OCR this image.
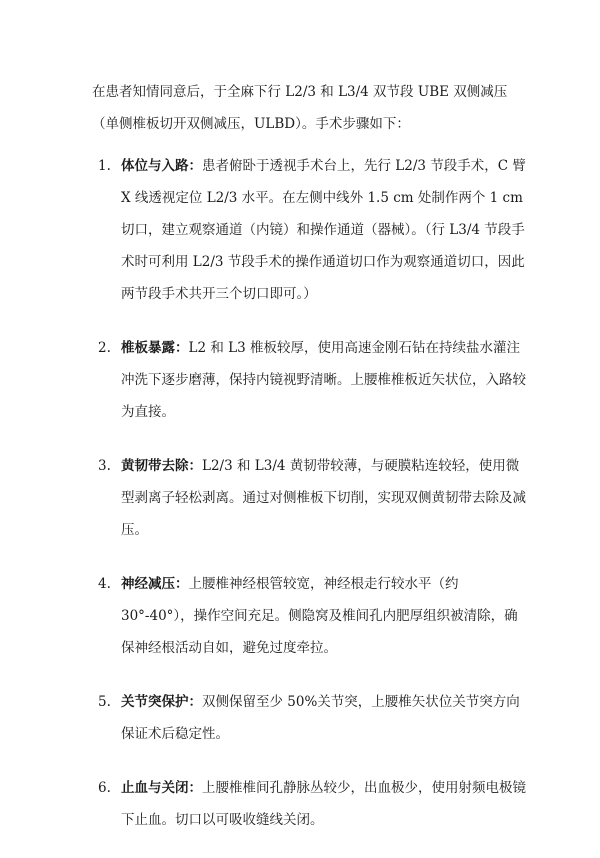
在患者知情同意后，于全麻下行 L2/3 和 L3/4 双节段 UBE 双侧减压（单侧椎板切开双侧减压，ULBD）。手术步骤如下：

1. 体位与入路：患者俯卧于透视手术台上，先行 L2/3 节段手术，C 臂 X 线透视定位 L2/3 水平。在左侧中线外 1.5 cm 处制作两个 1 cm 切口，建立观察通道（内镜）和操作通道（器械）。（行 L3/4 节段手术时可利用 L2/3 节段手术的操作通道切口作为观察通道切口，因此两节段手术共开三个切口即可。）
2. 椎板暴露：L2 和 L3 椎板较厚，使用高速金刚石钻在持续盐水灌注冲洗下逐步磨薄，保持内镜视野清晰。上腰椎椎板近矢状位，入路较为直接。
3. 黄韧带去除：L2/3 和 L3/4 黄韧带较薄，与硬膜粘连较轻，使用微型剥离子轻松剥离。通过对侧椎板下切削，实现双侧黄韧带去除及减压。
4. 神经减压：上腰椎神经根管较宽，神经根走行较水平（约 30°-40°），操作空间充足。侧隐窝及椎间孔内肥厚组织被清除，确保神经根活动自如，避免过度牵拉。
5. 关节突保护：双侧保留至少 50%关节突，上腰椎矢状位关节突方向保证术后稳定性。
6. 止血与关闭：上腰椎椎间孔静脉丛较少，出血极少，使用射频电极镜下止血。切口以可吸收缝线关闭。
